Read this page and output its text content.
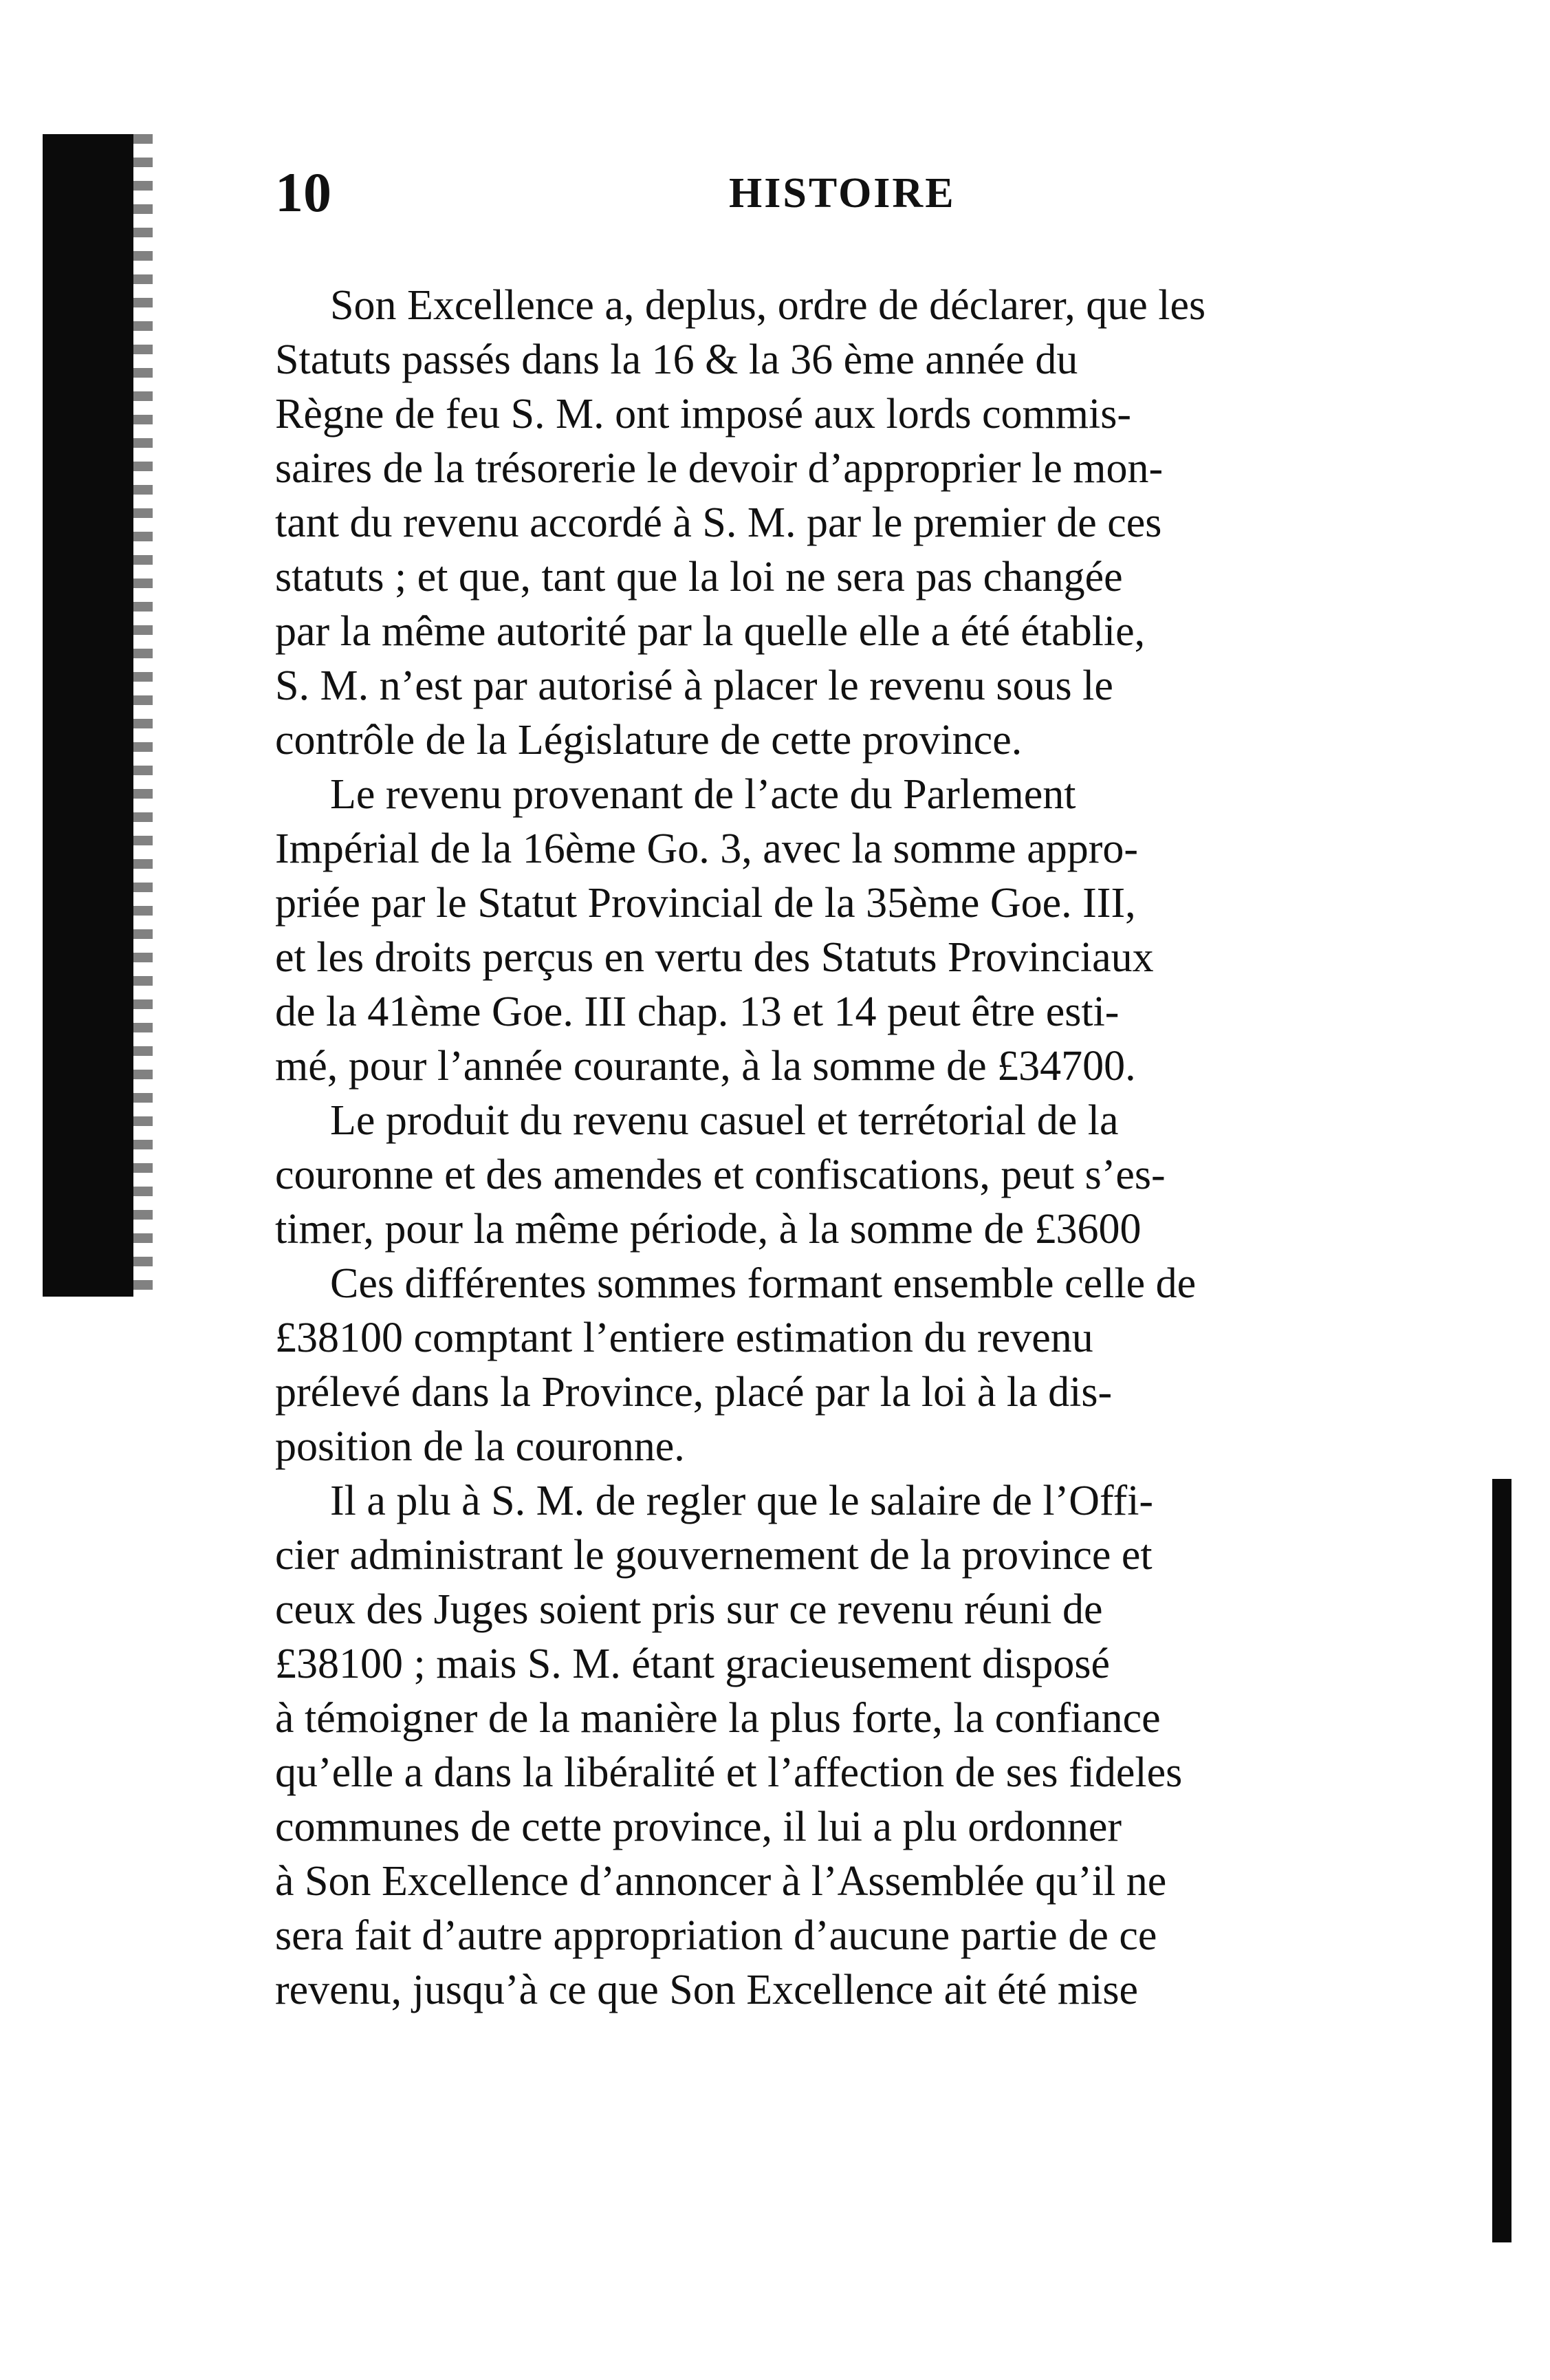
10	HISTOIRE
Son Excellence a, deplus, ordre de déclarer, que les
Statuts passés dans la 16 & la 36 ème année du
Règne de feu S. M. ont imposé aux lords commis-
saires de la trésorerie le devoir d’approprier le mon-
tant du revenu accordé à S. M. par le premier de ces
statuts ; et que, tant que la loi ne sera pas changée
par la même autorité par la quelle elle a été établie,
S. M. n’est par autorisé à placer le revenu sous le
contrôle de la Législature de cette province.
Le revenu provenant de l’acte du Parlement
Impérial de la 16ème Go. 3, avec la somme appro-
priée par le Statut Provincial de la 35ème Goe. III,
et les droits perçus en vertu des Statuts Provinciaux
de la 41ème Goe. III chap. 13 et 14 peut être esti-
mé, pour l’année courante, à la somme de £34700.
Le produit du revenu casuel et terrétorial de la
couronne et des amendes et confiscations, peut s’es-
timer, pour la même période, à la somme de £3600
Ces différentes sommes formant ensemble celle de
£38100 comptant l’entiere estimation du revenu
prélevé dans la Province, placé par la loi à la dis-
position de la couronne.
Il a plu à S. M. de regler que le salaire de l’Offi-
cier administrant le gouvernement de la province et
ceux des Juges soient pris sur ce revenu réuni de
£38100 ; mais S. M. étant gracieusement disposé
à témoigner de la manière la plus forte, la confiance
qu’elle a dans la libéralité et l’affection de ses fideles
communes de cette province, il lui a plu ordonner
à Son Excellence d’annoncer à l’Assemblée qu’il ne
sera fait d’autre appropriation d’aucune partie de ce
revenu, jusqu’à ce que Son Excellence ait été mise
